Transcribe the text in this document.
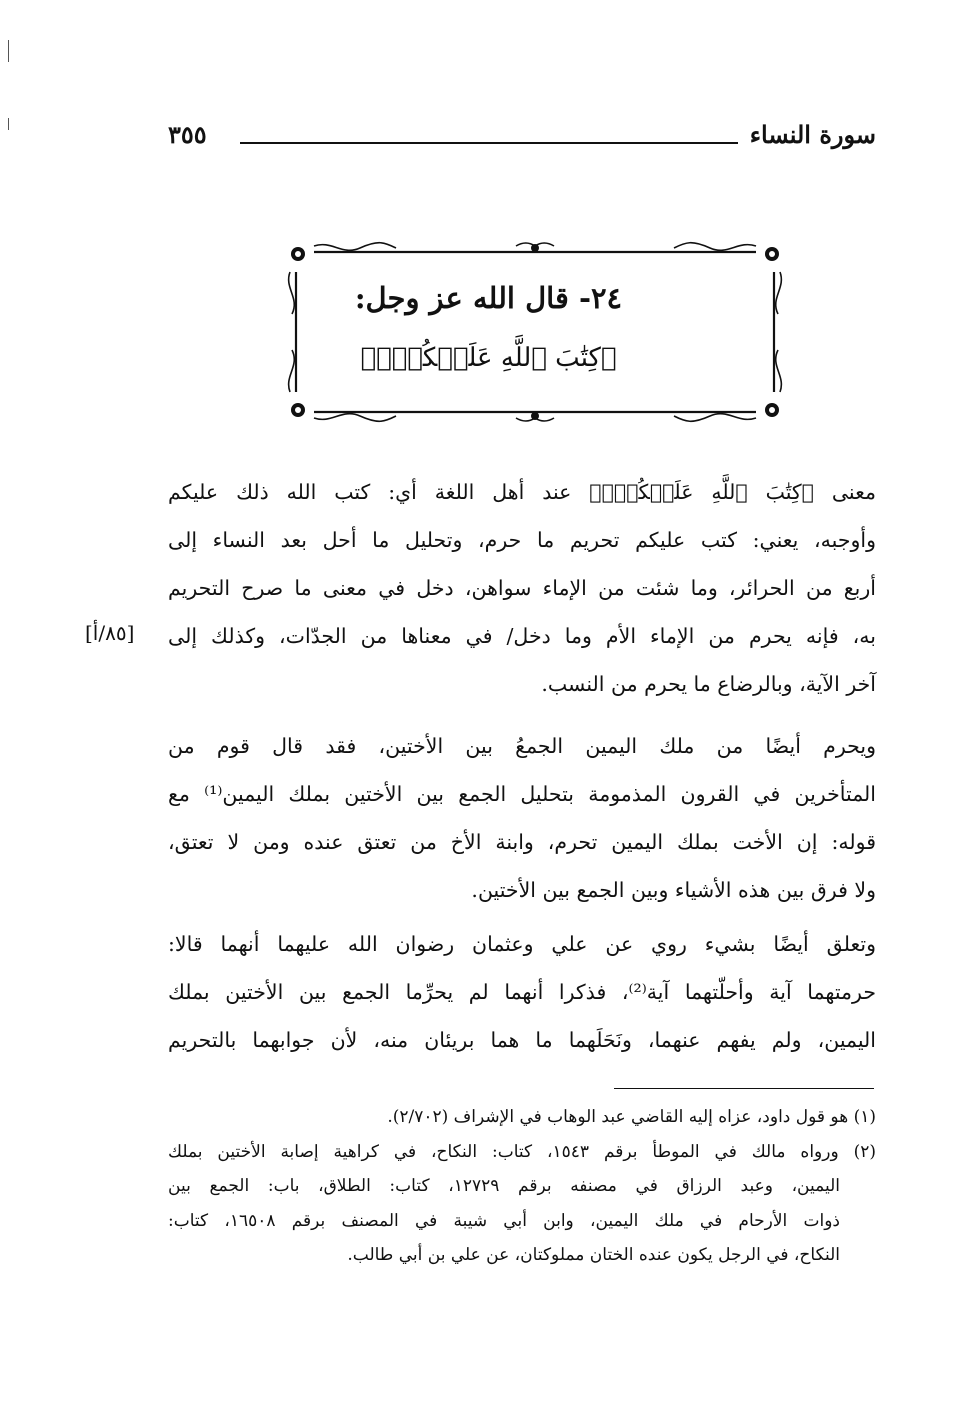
سورة النساء
٣٥٥
٢٤- قال الله عز وجل:
﴿كِتَٰبَ ٱللَّهِ عَلَيۡكُمۡۚ﴾
معنى ﴿كِتَٰبَ ٱللَّهِ عَلَيۡكُمۡۚ﴾ عند أهل اللغة أي: كتب الله ذلك عليكم
وأوجبه، يعني: كتب عليكم تحريم ما حرم، وتحليل ما أحل بعد النساء إلى
أربع من الحرائر، وما شئت من الإماء سواهن، دخل في معنى ما صرح التحريم
به، فإنه يحرم من الإماء الأم وما دخل/ في معناها من الجدّات، وكذلك إلى
آخر الآية، وبالرضاع ما يحرم من النسب.
[٨٥/أ]
ويحرم أيضًا من ملك اليمين الجمعُ بين الأختين، فقد قال قوم من
المتأخرين في القرون المذمومة بتحليل الجمع بين الأختين بملك اليمين⁽¹⁾ مع
قوله: إن الأخت بملك اليمين تحرم، وابنة الأخ من تعتق عنده ومن لا تعتق،
ولا فرق بين هذه الأشياء وبين الجمع بين الأختين.
وتعلق أيضًا بشيء روي عن علي وعثمان رضوان الله عليهما أنهما قالا:
حرمتهما آية وأحلّتهما آية⁽²⁾، فذكرا أنهما لم يحرِّما الجمع بين الأختين بملك
اليمين، ولم يفهم عنهما، ونَحَلَهما ما هما بريئان منه، لأن جوابهما بالتحريم
(١) هو قول داود، عزاه إليه القاضي عبد الوهاب في الإشراف (٢/٧٠٢).
(٢) ورواه مالك في الموطأ برقم ١٥٤٣، كتاب: النكاح، في كراهية إصابة الأختين بملك
اليمين، وعبد الرزاق في مصنفه برقم ١٢٧٢٩، كتاب: الطلاق، باب: الجمع بين
ذوات الأرحام في ملك اليمين، وابن أبي شيبة في المصنف برقم ١٦٥٠٨، كتاب:
النكاح، في الرجل يكون عنده الختان مملوكتان، عن علي بن أبي طالب.
